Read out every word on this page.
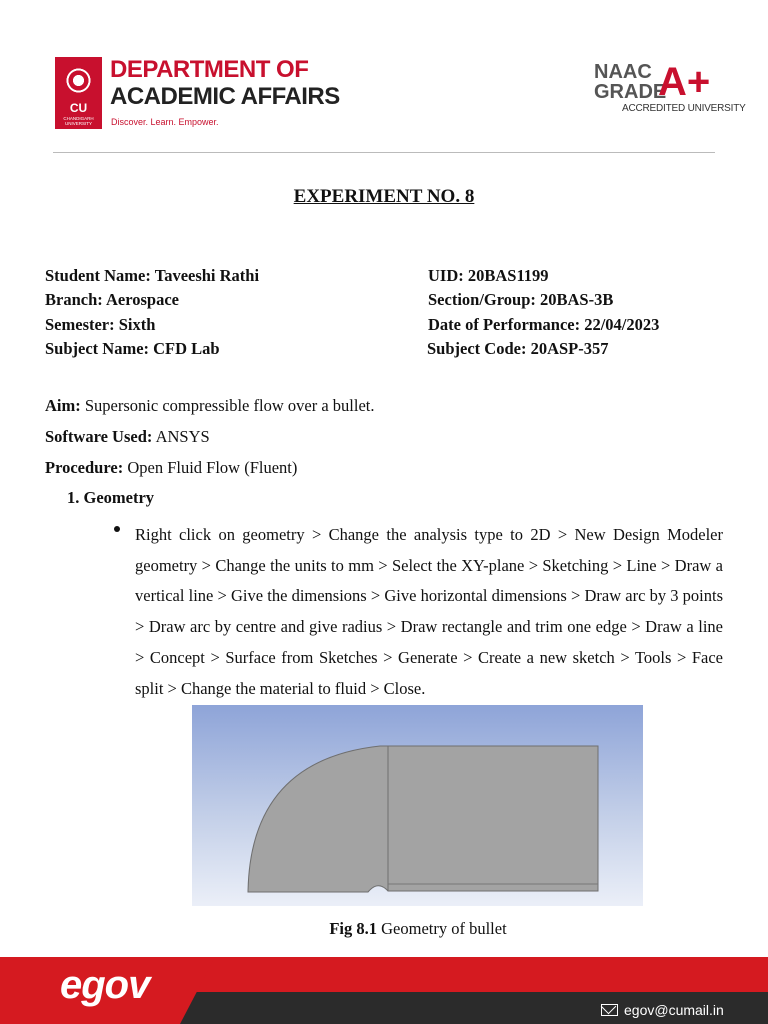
CU
CHANDIGARH UNIVERSITY
DEPARTMENT OF
ACADEMIC AFFAIRS
Discover. Learn. Empower.
NAAC
GRADE
A+
ACCREDITED UNIVERSITY
EXPERIMENT NO. 8
Student Name: Taveeshi Rathi
Branch: Aerospace
Semester: Sixth
Subject Name: CFD Lab
UID: 20BAS1199
Section/Group: 20BAS-3B
Date of Performance: 22/04/2023
Subject Code: 20ASP-357
Aim: Supersonic compressible flow over a bullet.
Software Used: ANSYS
Procedure: Open Fluid Flow (Fluent)
1. Geometry
Right click on geometry > Change the analysis type to 2D > New Design Modeler geometry > Change the units to mm > Select the XY-plane > Sketching > Line > Draw a vertical line > Give the dimensions > Give horizontal dimensions > Draw arc by 3 points > Draw arc by centre and give radius > Draw rectangle and trim one edge > Draw a line > Concept > Surface from Sketches > Generate > Create a new sketch > Tools > Face split > Change the material to fluid > Close.
Fig 8.1 Geometry of bullet
egov
egov@cumail.in
